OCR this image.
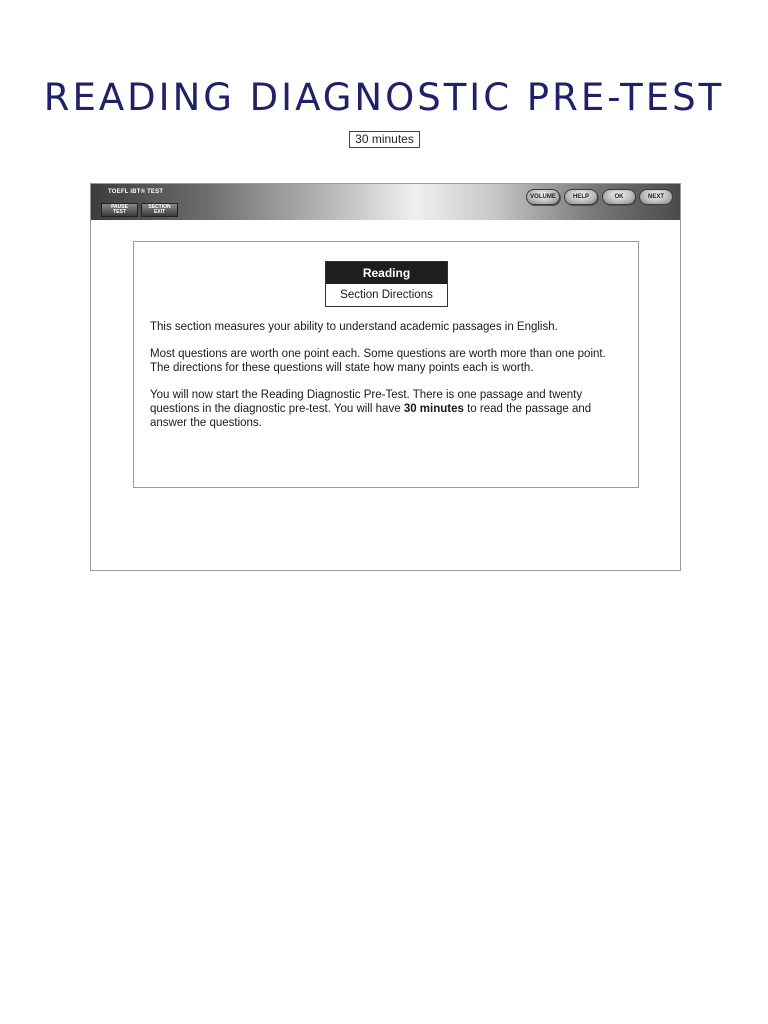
READING DIAGNOSTIC PRE-TEST
30 minutes
TOEFL iBT® TEST
PAUSE
TEST
SECTION
EXIT
VOLUME	HELP	OK	NEXT
Reading
Section Directions

This section measures your ability to understand academic passages in English.

Most questions are worth one point each. Some questions are worth more than one point. The directions for these questions will state how many points each is worth.

You will now start the Reading Diagnostic Pre-Test. There is one passage and twenty questions in the diagnostic pre-test. You will have 30 minutes to read the passage and answer the questions.
